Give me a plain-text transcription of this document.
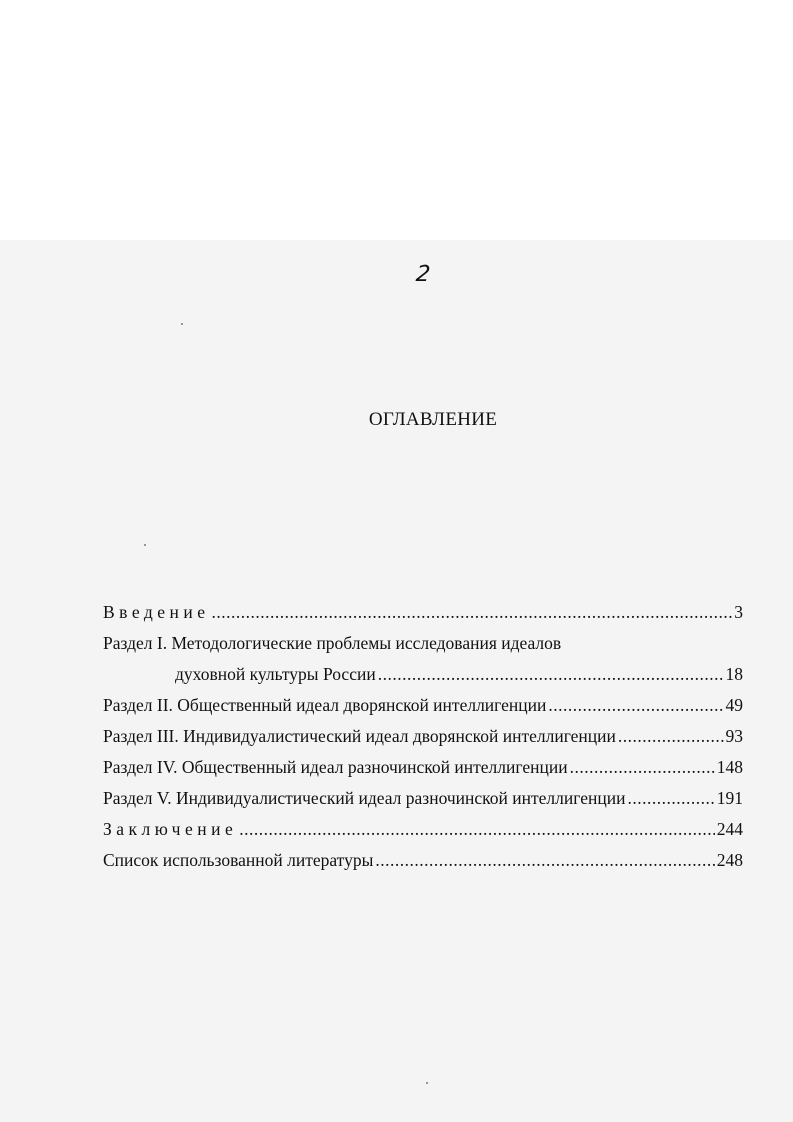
2
ОГЛАВЛЕНИЕ
Введение .....	3
Раздел I. Методологические проблемы исследования идеалов
духовной культуры России .....	18
Раздел II. Общественный идеал дворянской интеллигенции .....	49
Раздел III. Индивидуалистический идеал дворянской интеллигенции .....	93
Раздел IV. Общественный идеал разночинской интеллигенции .....	148
Раздел V. Индивидуалистический идеал разночинской интеллигенции .....	191
Заключение .....	244
Список использованной литературы .....	248
